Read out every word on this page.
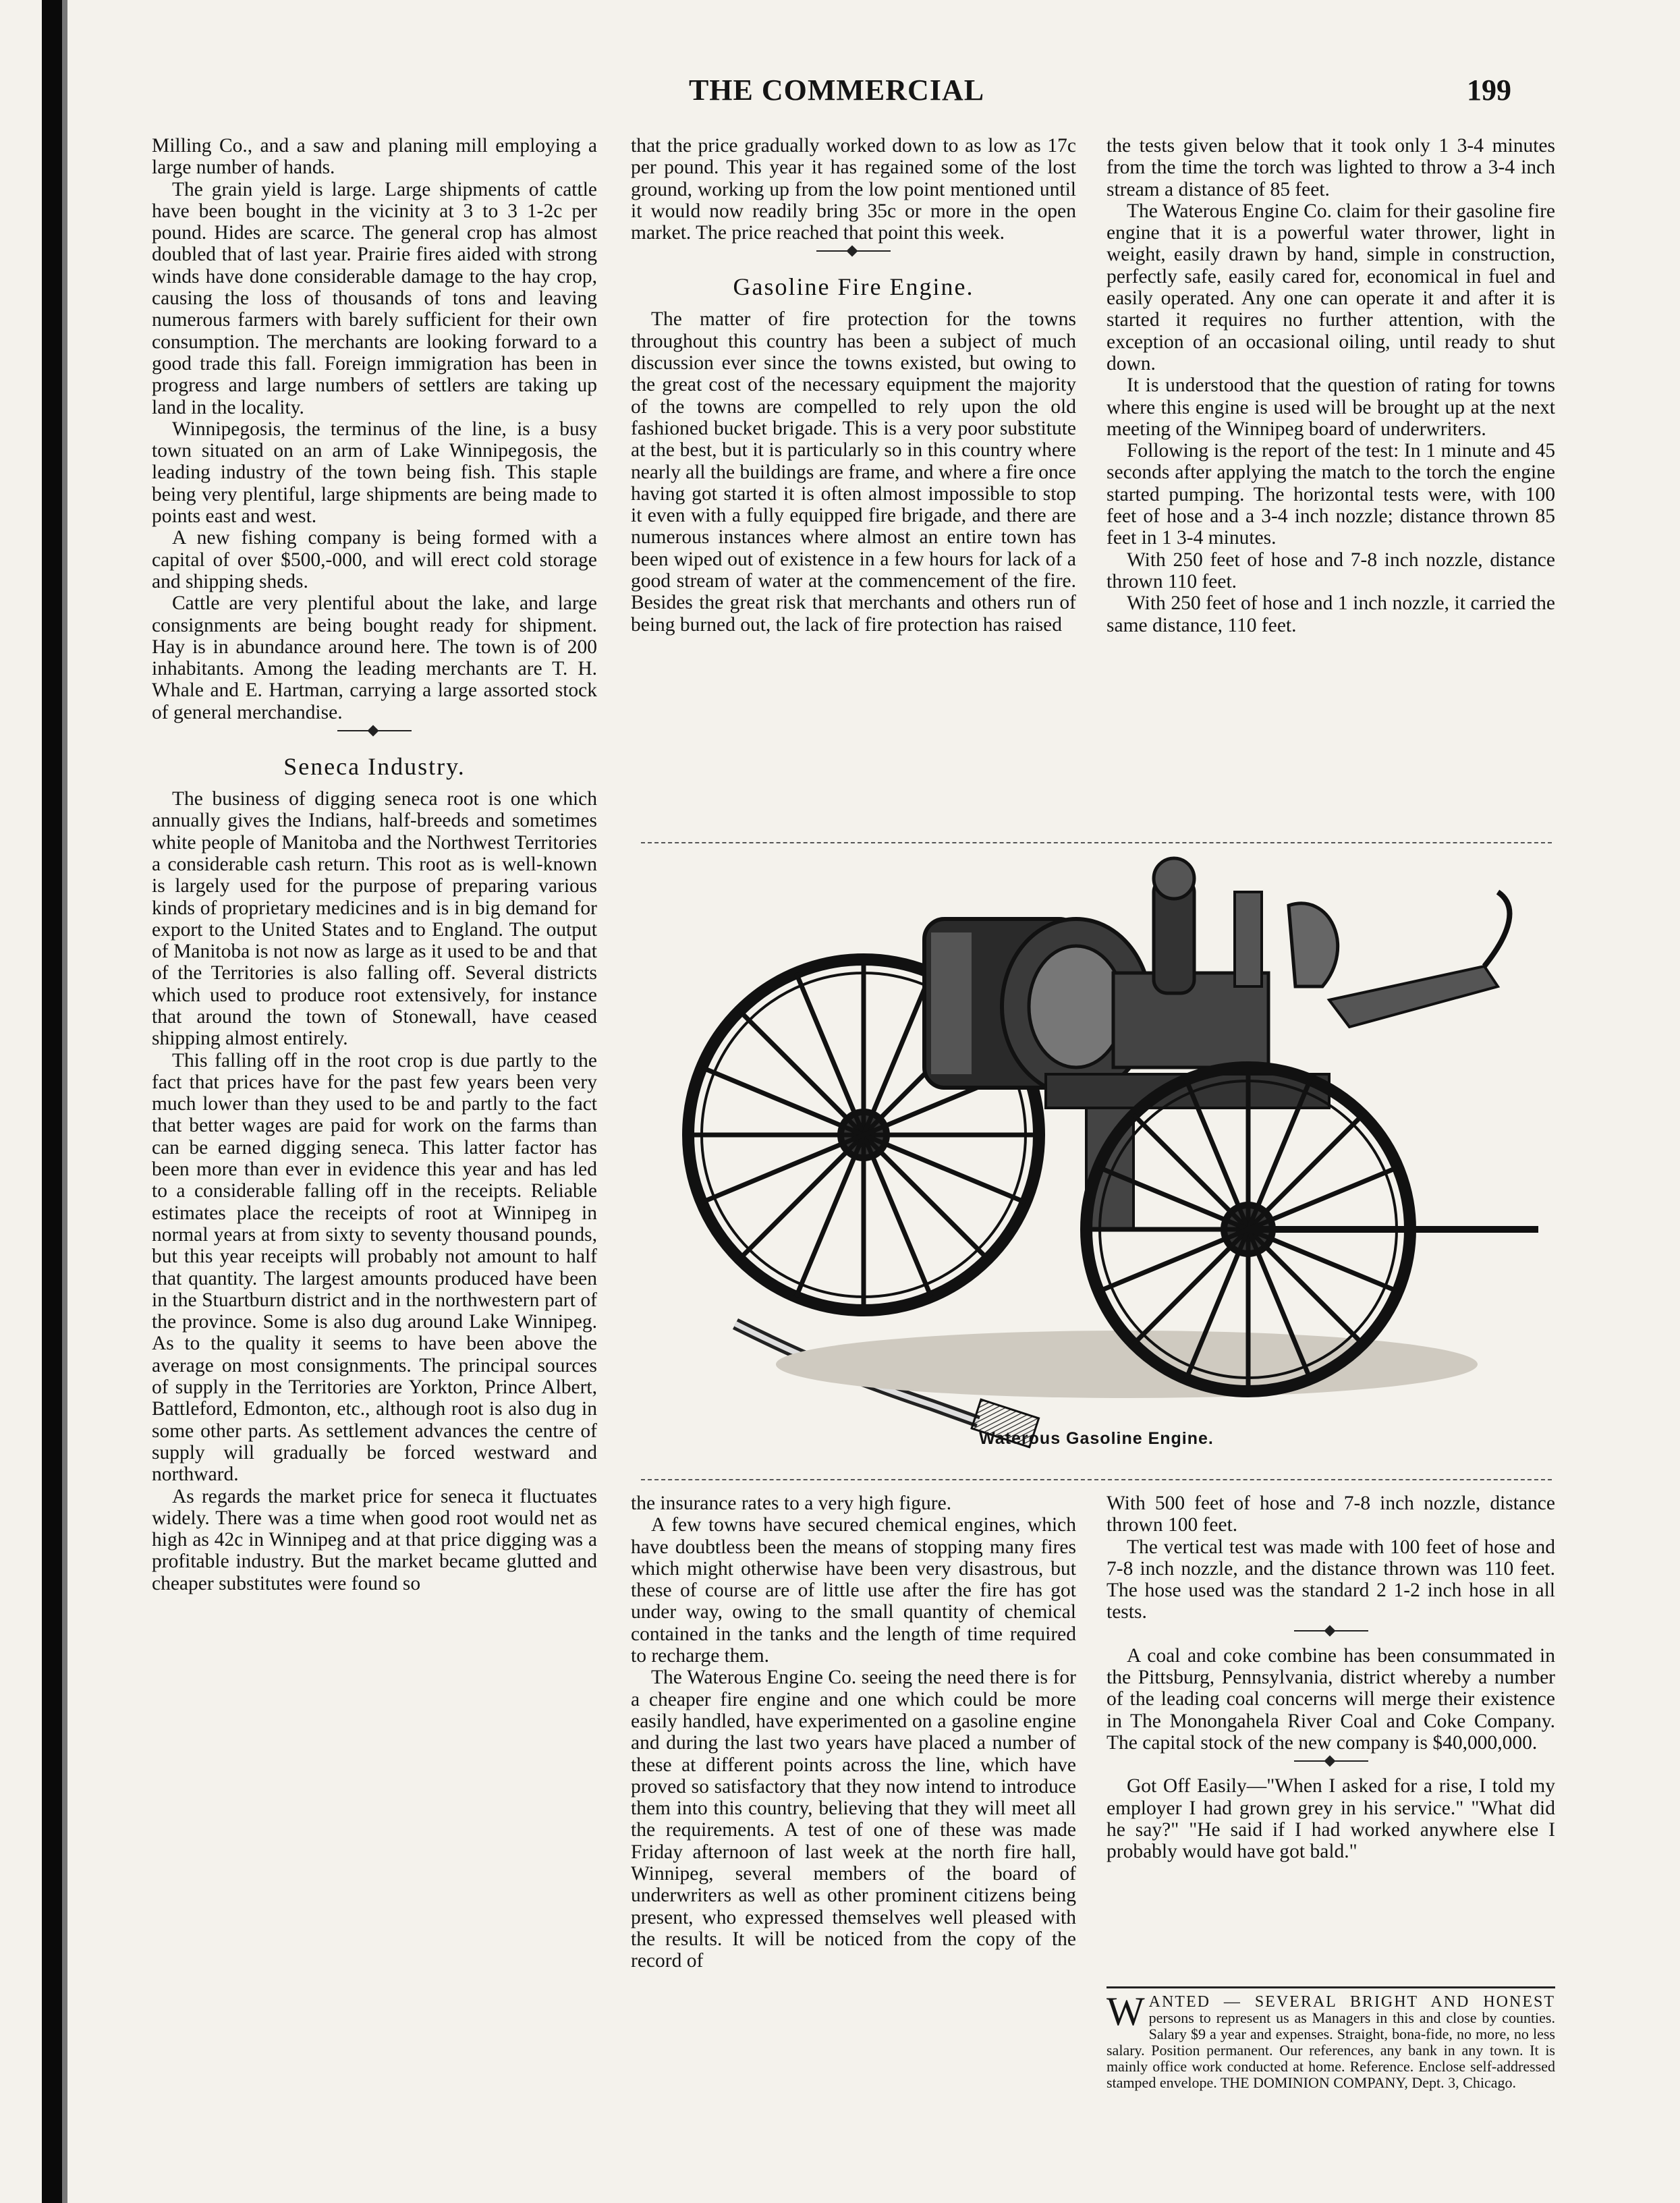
THE COMMERCIAL	199

Milling Co., and a saw and planing mill employing a large number of hands.

The grain yield is large. Large shipments of cattle have been bought in the vicinity at 3 to 3 1-2c per pound. Hides are scarce. The general crop has almost doubled that of last year. Prairie fires aided with strong winds have done considerable damage to the hay crop, causing the loss of thousands of tons and leaving numerous farmers with barely sufficient for their own consumption. The merchants are looking forward to a good trade this fall. Foreign immigration has been in progress and large numbers of settlers are taking up land in the locality.

Winnipegosis, the terminus of the line, is a busy town situated on an arm of Lake Winnipegosis, the leading industry of the town being fish. This staple being very plentiful, large shipments are being made to points east and west.

A new fishing company is being formed with a capital of over $500,-000, and will erect cold storage and shipping sheds.

Cattle are very plentiful about the lake, and large consignments are being bought ready for shipment. Hay is in abundance around here. The town is of 200 inhabitants. Among the leading merchants are T. H. Whale and E. Hartman, carrying a large assorted stock of general merchandise.

Seneca Industry.

The business of digging seneca root is one which annually gives the Indians, half-breeds and sometimes white people of Manitoba and the Northwest Territories a considerable cash return. This root as is well-known is largely used for the purpose of preparing various kinds of proprietary medicines and is in big demand for export to the United States and to England. The output of Manitoba is not now as large as it used to be and that of the Territories is also falling off. Several districts which used to produce root extensively, for instance that around the town of Stonewall, have ceased shipping almost entirely.

This falling off in the root crop is due partly to the fact that prices have for the past few years been very much lower than they used to be and partly to the fact that better wages are paid for work on the farms than can be earned digging seneca. This latter factor has been more than ever in evidence this year and has led to a considerable falling off in the receipts. Reliable estimates place the receipts of root at Winnipeg in normal years at from sixty to seventy thousand pounds, but this year receipts will probably not amount to half that quantity. The largest amounts produced have been in the Stuartburn district and in the northwestern part of the province. Some is also dug around Lake Winnipeg. As to the quality it seems to have been above the average on most consignments. The principal sources of supply in the Territories are Yorkton, Prince Albert, Battleford, Edmonton, etc., although root is also dug in some other parts. As settlement advances the centre of supply will gradually be forced westward and northward.

As regards the market price for seneca it fluctuates widely. There was a time when good root would net as high as 42c in Winnipeg and at that price digging was a profitable industry. But the market became glutted and cheaper substitutes were found so

that the price gradually worked down to as low as 17c per pound. This year it has regained some of the lost ground, working up from the low point mentioned until it would now readily bring 35c or more in the open market. The price reached that point this week.

Gasoline Fire Engine.

The matter of fire protection for the towns throughout this country has been a subject of much discussion ever since the towns existed, but owing to the great cost of the necessary equipment the majority of the towns are compelled to rely upon the old fashioned bucket brigade. This is a very poor substitute at the best, but it is particularly so in this country where nearly all the buildings are frame, and where a fire once having got started it is often almost impossible to stop it even with a fully equipped fire brigade, and there are numerous instances where almost an entire town has been wiped out of existence in a few hours for lack of a good stream of water at the commencement of the fire. Besides the great risk that merchants and others run of being burned out, the lack of fire protection has raised

the tests given below that it took only 1 3-4 minutes from the time the torch was lighted to throw a 3-4 inch stream a distance of 85 feet.

The Waterous Engine Co. claim for their gasoline fire engine that it is a powerful water thrower, light in weight, easily drawn by hand, simple in construction, perfectly safe, easily cared for, economical in fuel and easily operated. Any one can operate it and after it is started it requires no further attention, with the exception of an occasional oiling, until ready to shut down.

It is understood that the question of rating for towns where this engine is used will be brought up at the next meeting of the Winnipeg board of underwriters.

Following is the report of the test: In 1 minute and 45 seconds after applying the match to the torch the engine started pumping. The horizontal tests were, with 100 feet of hose and a 3-4 inch nozzle; distance thrown 85 feet in 1 3-4 minutes.

With 250 feet of hose and 7-8 inch nozzle, distance thrown 110 feet.

With 250 feet of hose and 1 inch nozzle, it carried the same distance, 110 feet.

Waterous Gasoline Engine.

the insurance rates to a very high figure.

A few towns have secured chemical engines, which have doubtless been the means of stopping many fires which might otherwise have been very disastrous, but these of course are of little use after the fire has got under way, owing to the small quantity of chemical contained in the tanks and the length of time required to recharge them.

The Waterous Engine Co. seeing the need there is for a cheaper fire engine and one which could be more easily handled, have experimented on a gasoline engine and during the last two years have placed a number of these at different points across the line, which have proved so satisfactory that they now intend to introduce them into this country, believing that they will meet all the requirements. A test of one of these was made Friday afternoon of last week at the north fire hall, Winnipeg, several members of the board of underwriters as well as other prominent citizens being present, who expressed themselves well pleased with the results. It will be noticed from the copy of the record of

With 500 feet of hose and 7-8 inch nozzle, distance thrown 100 feet.

The vertical test was made with 100 feet of hose and 7-8 inch nozzle, and the distance thrown was 110 feet. The hose used was the standard 2 1-2 inch hose in all tests.

A coal and coke combine has been consummated in the Pittsburg, Pennsylvania, district whereby a number of the leading coal concerns will merge their existence in The Monongahela River Coal and Coke Company. The capital stock of the new company is $40,000,000.

Got Off Easily—"When I asked for a rise, I told my employer I had grown grey in his service." "What did he say?" "He said if I had worked anywhere else I probably would have got bald."

W ANTED — SEVERAL BRIGHT AND HONEST persons to represent us as Managers in this and close by counties. Salary $9 a year and expenses. Straight, bona-fide, no more, no less salary. Position permanent. Our references, any bank in any town. It is mainly office work conducted at home. Reference. Enclose self-addressed stamped envelope. THE DOMINION COMPANY, Dept. 3, Chicago.
